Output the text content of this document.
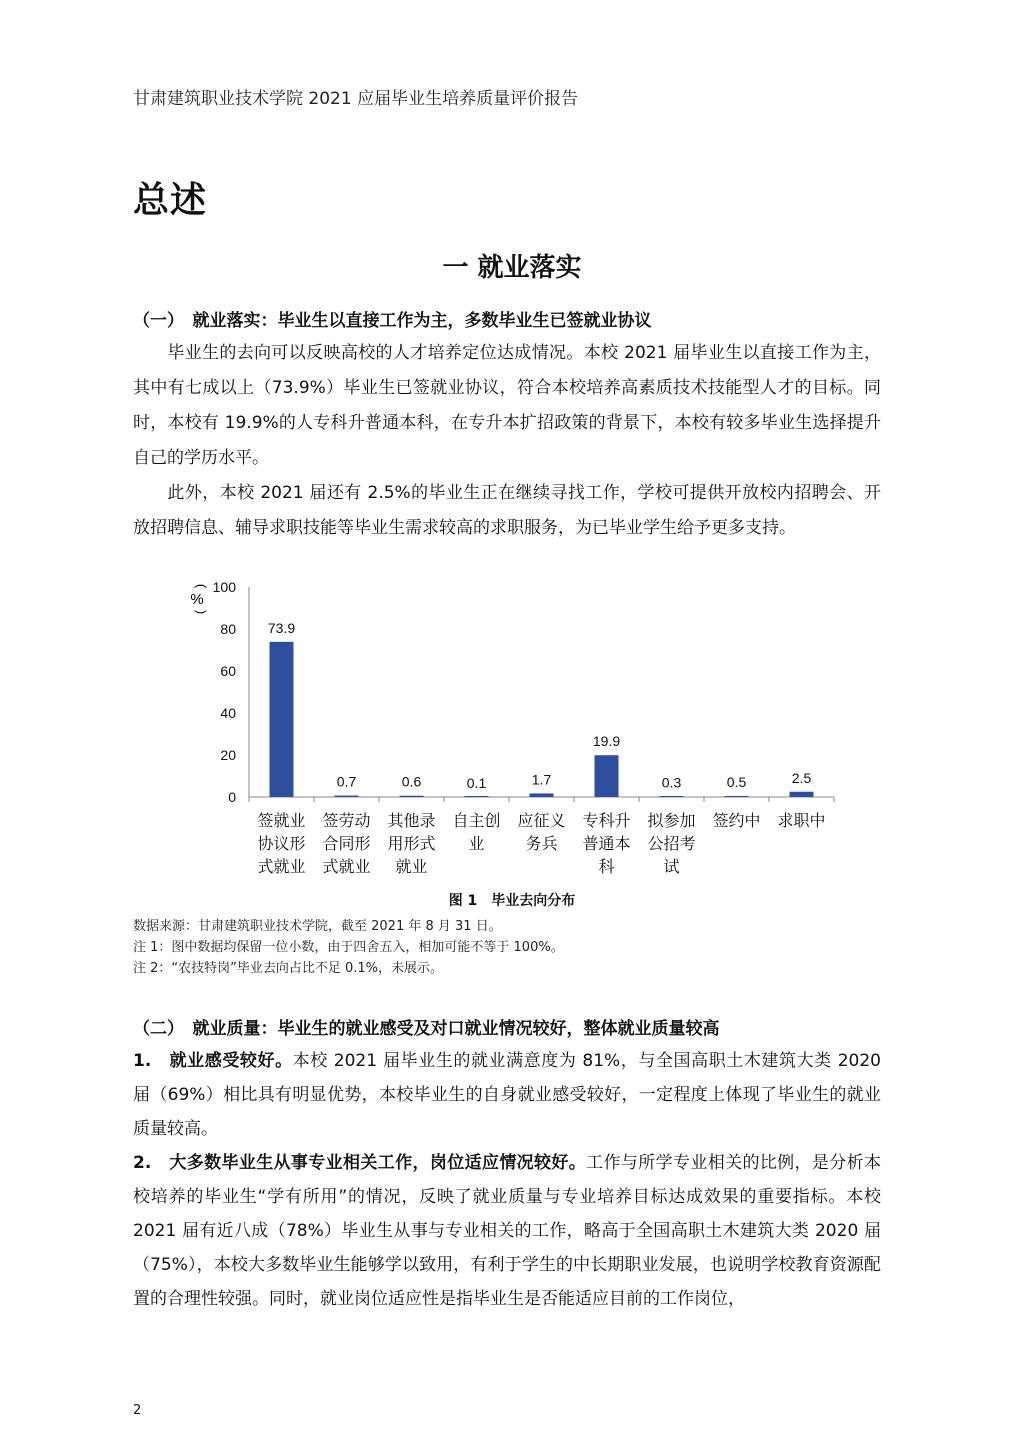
甘肃建筑职业技术学院 2021 应届毕业生培养质量评价报告
总述
一 就业落实
（一）　就业落实：毕业生以直接工作为主，多数毕业生已签就业协议
毕业生的去向可以反映高校的人才培养定位达成情况。本校 2021 届毕业生以直接工作为主，其中有七成以上（73.9%）毕业生已签就业协议，符合本校培养高素质技术技能型人才的目标。同时，本校有 19.9%的人专科升普通本科，在专升本扩招政策的背景下，本校有较多毕业生选择提升自己的学历水平。
此外，本校 2021 届还有 2.5%的毕业生正在继续寻找工作，学校可提供开放校内招聘会、开放招聘信息、辅导求职技能等毕业生需求较高的求职服务，为已毕业学生给予更多支持。
(
%
)
0
20
40
60
80
100
73.9
0.7	0.6	0.1	1.7
19.9
0.3	0.5	2.5
签就业
协议形
式就业
签劳动
合同形
式就业
其他录
用形式
就业
自主创
业
应征义
务兵
专科升
普通本
科
拟参加
公招考
试
签约中 求职中
图 1　毕业去向分布
数据来源：甘肃建筑职业技术学院，截至 2021 年 8 月 31 日。
注 1：图中数据均保留一位小数，由于四舍五入，相加可能不等于 100%。
注 2：“农技特岗”毕业去向占比不足 0.1%，未展示。
（二）　就业质量：毕业生的就业感受及对口就业情况较好，整体就业质量较高
1. 就业感受较好。本校 2021 届毕业生的就业满意度为 81%，与全国高职土木建筑大类 2020 届（69%）相比具有明显优势，本校毕业生的自身就业感受较好，一定程度上体现了毕业生的就业质量较高。
2. 大多数毕业生从事专业相关工作，岗位适应情况较好。工作与所学专业相关的比例，是分析本校培养的毕业生“学有所用”的情况，反映了就业质量与专业培养目标达成效果的重要指标。本校 2021 届有近八成（78%）毕业生从事与专业相关的工作，略高于全国高职土木建筑大类 2020 届（75%），本校大多数毕业生能够学以致用，有利于学生的中长期职业发展，也说明学校教育资源配置的合理性较强。同时，就业岗位适应性是指毕业生是否能适应目前的工作岗位，
2
